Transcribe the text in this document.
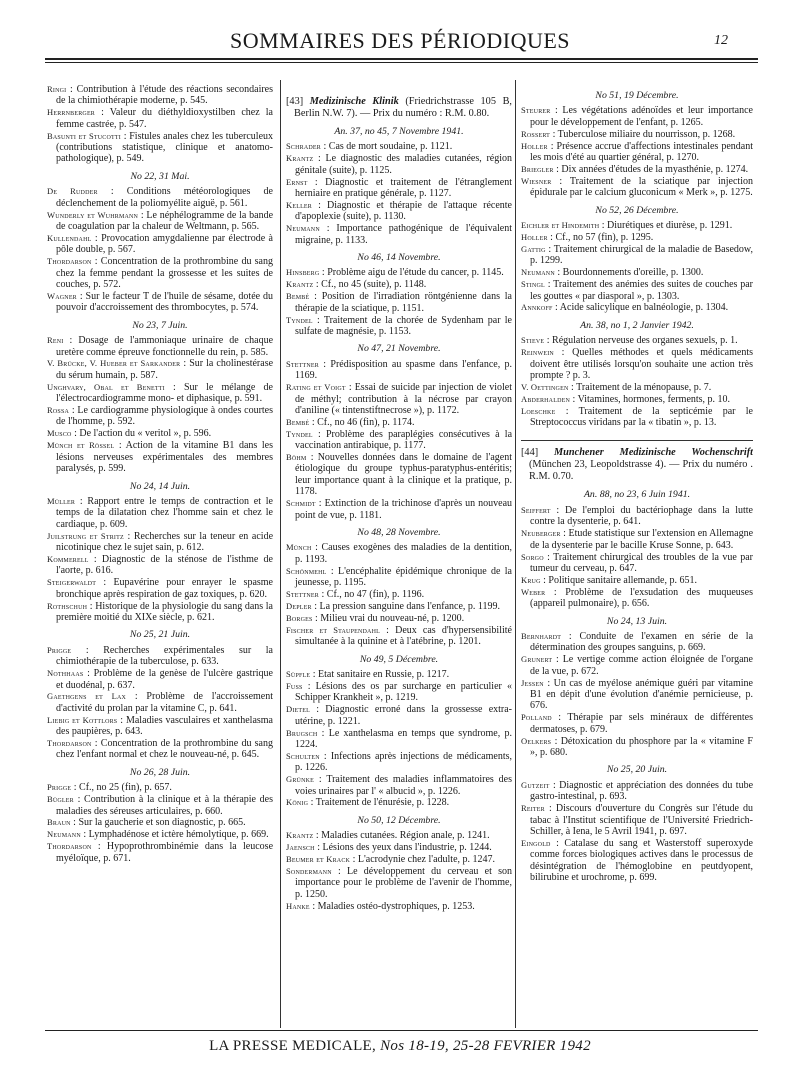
SOMMAIRES DES PÉRIODIQUES	12
Ringi : Contribution à l'étude des réactions secondaires de la chimiothérapie moderne, p. 545.
Herrnberger : Valeur du diéthyldioxystilben chez la femme castrée, p. 547.
Basunti et Stucotti : Fistules anales chez les tuberculeux (contributions statistique, clinique et anatomo-pathologique), p. 549.
No 22, 31 Mai.
De Rudder : Conditions météorologiques de déclenchement de la poliomyélite aiguë, p. 561.
Wunderly et Wuhrmann : Le néphélogramme de la bande de coagulation par la chaleur de Weltmann, p. 565.
Kullendahl : Provocation amygdalienne par électrode à pôle double, p. 567.
Thordarson : Concentration de la prothrombine du sang chez la femme pendant la grossesse et les suites de couches, p. 572.
Wagner : Sur le facteur T de l'huile de sésame, dotée du pouvoir d'accroissement des thrombocytes, p. 574.
No 23, 7 Juin.
Reni : Dosage de l'ammoniaque urinaire de chaque uretère comme épreuve fonctionnelle du rein, p. 585.
V. Brücke, V. Hueber et Sarkander : Sur la cholinestérase du sérum humain, p. 587.
Unghvary, Obal et Benetti : Sur le mélange de l'électrocardiogramme mono- et diphasique, p. 591.
Rossa : Le cardiogramme physiologique à ondes courtes de l'homme, p. 592.
Musco : De l'action du « veritol », p. 596.
Münch et Rössel : Action de la vitamine B1 dans les lésions nerveuses expérimentales des membres paralysés, p. 599.
No 24, 14 Juin.
Müller : Rapport entre le temps de contraction et le temps de la dilatation chez l'homme sain et chez le cardiaque, p. 609.
Juilstrung et Stritz : Recherches sur la teneur en acide nicotinique chez le sujet sain, p. 612.
Kommerell : Diagnostic de la sténose de l'isthme de l'aorte, p. 616.
Steigerwaldt : Eupavérine pour enrayer le spasme bronchique après respiration de gaz toxiques, p. 620.
Rothschuh : Historique de la physiologie du sang dans la première moitié du XIXe siècle, p. 621.
No 25, 21 Juin.
Prigge : Recherches expérimentales sur la chimiothérapie de la tuberculose, p. 633.
Nothhaas : Problème de la genèse de l'ulcère gastrique et duodénal, p. 637.
Gaethgens et Lax : Problème de l'accroissement d'activité du prolan par la vitamine C, p. 641.
Liebig et Kottlors : Maladies vasculaires et xanthelasma des paupières, p. 643.
Thordarson : Concentration de la prothrombine du sang chez l'enfant normal et chez le nouveau-né, p. 645.
No 26, 28 Juin.
Prigge : Cf., no 25 (fin), p. 657.
Bügler : Contribution à la clinique et à la thérapie des maladies des séreuses articulaires, p. 660.
Braun : Sur la gaucherie et son diagnostic, p. 665.
Neumann : Lymphadénose et ictère hémolytique, p. 669.
Thordarson : Hypoprothrombinémie dans la leucose myéloïque, p. 671.
[43] Medizinische Klinik (Friedrichstrasse 105 B, Berlin N.W. 7). — Prix du numéro : R.M. 0.80.
An. 37, no 45, 7 Novembre 1941.
Schrader : Cas de mort soudaine, p. 1121.
Krantz : Le diagnostic des maladies cutanées, région génitale (suite), p. 1125.
Ernst : Diagnostic et traitement de l'étranglement herniaire en pratique générale, p. 1127.
Keller : Diagnostic et thérapie de l'attaque récente d'apoplexie (suite), p. 1130.
Neumann : Importance pathogénique de l'équivalent migraine, p. 1133.
No 46, 14 Novembre.
Hinsberg : Problème aigu de l'étude du cancer, p. 1145.
Krantz : Cf., no 45 (suite), p. 1148.
Bembé : Position de l'irradiation röntgénienne dans la thérapie de la sciatique, p. 1151.
Tyndel : Traitement de la chorée de Sydenham par le sulfate de magnésie, p. 1153.
No 47, 21 Novembre.
Stettner : Prédisposition au spasme dans l'enfance, p. 1169.
Rating et Voigt : Essai de suicide par injection de violet de méthyl; contribution à la nécrose par crayon d'aniline (« tintenstiftnecrose »), p. 1172.
Bembé : Cf., no 46 (fin), p. 1174.
Tyndel : Problème des paraplégies consécutives à la vaccination antirabique, p. 1177.
Böhm : Nouvelles données dans le domaine de l'agent étiologique du groupe typhus-paratyphus-entéritis; leur importance quant à la clinique et la pratique, p. 1178.
Schmidt : Extinction de la trichinose d'après un nouveau point de vue, p. 1181.
No 48, 28 Novembre.
Münch : Causes exogènes des maladies de la dentition, p. 1193.
Schönmehl : L'encéphalite épidémique chronique de la jeunesse, p. 1195.
Stettner : Cf., no 47 (fin), p. 1196.
Depler : La pression sanguine dans l'enfance, p. 1199.
Borges : Milieu vrai du nouveau-né, p. 1200.
Fischer et Staupendahl : Deux cas d'hypersensibilité simultanée à la quinine et à l'atébrine, p. 1201.
No 49, 5 Décembre.
Süpfle : Etat sanitaire en Russie, p. 1217.
Fuss : Lésions des os par surcharge en particulier « Schipper Krankheit », p. 1219.
Dietel : Diagnostic erroné dans la grossesse extra-utérine, p. 1221.
Brugsch : Le xanthelasma en temps que syndrome, p. 1224.
Schulten : Infections après injections de médicaments, p. 1226.
Grünke : Traitement des maladies inflammatoires des voies urinaires par l' « albucid », p. 1226.
König : Traitement de l'énurésie, p. 1228.
No 50, 12 Décembre.
Krantz : Maladies cutanées. Région anale, p. 1241.
Jaensch : Lésions des yeux dans l'industrie, p. 1244.
Beumer et Krack : L'acrodynie chez l'adulte, p. 1247.
Sondermann : Le développement du cerveau et son importance pour le problème de l'avenir de l'homme, p. 1250.
Hanke : Maladies ostéo-dystrophiques, p. 1253.
No 51, 19 Décembre.
Steurer : Les végétations adénoïdes et leur importance pour le développement de l'enfant, p. 1265.
Rossert : Tuberculose miliaire du nourrisson, p. 1268.
Holler : Présence accrue d'affections intestinales pendant les mois d'été au quartier général, p. 1270.
Briegler : Dix années d'études de la myasthénie, p. 1274.
Wiesner : Traitement de la sciatique par injection épidurale par le calcium gluconicum « Merk », p. 1275.
No 52, 26 Décembre.
Eichler et Hindemith : Diurétiques et diurèse, p. 1291.
Holler : Cf., no 57 (fin), p. 1295.
Gattig : Traitement chirurgical de la maladie de Basedow, p. 1299.
Neumann : Bourdonnements d'oreille, p. 1300.
Stingl : Traitement des anémies des suites de couches par les gouttes « par diasporal », p. 1303.
Annkoff : Acide salicylique en balnéologie, p. 1304.
An. 38, no 1, 2 Janvier 1942.
Stieve : Régulation nerveuse des organes sexuels, p. 1.
Reinwein : Quelles méthodes et quels médicaments doivent être utilisés lorsqu'on souhaite une action très prompte ? p. 3.
V. Oettingen : Traitement de la ménopause, p. 7.
Abderhalden : Vitamines, hormones, ferments, p. 10.
Loeschke : Traitement de la septicémie par le Streptococcus viridans par la « tibatin », p. 13.
[44] Munchener Medizinische Wochenschrift (München 23, Leopoldstrasse 4). — Prix du numéro . R.M. 0.70.
An. 88, no 23, 6 Juin 1941.
Seiffert : De l'emploi du bactériophage dans la lutte contre la dysenterie, p. 641.
Neuberger : Etude statistique sur l'extension en Allemagne de la dysenterie par le bacille Kruse Sonne, p. 643.
Sorgo : Traitement chirurgical des troubles de la vue par tumeur du cerveau, p. 647.
Krug : Politique sanitaire allemande, p. 651.
Weber : Problème de l'exsudation des muqueuses (appareil pulmonaire), p. 656.
No 24, 13 Juin.
Bernhardt : Conduite de l'examen en série de la détermination des groupes sanguins, p. 669.
Grunert : Le vertige comme action éloignée de l'organe de la vue, p. 672.
Jessen : Un cas de myélose anémique guéri par vitamine B1 en dépit d'une évolution d'anémie pernicieuse, p. 676.
Polland : Thérapie par sels minéraux de différentes dermatoses, p. 679.
Oelkers : Détoxication du phosphore par la « vitamine F », p. 680.
No 25, 20 Juin.
Gutzeit : Diagnostic et appréciation des données du tube gastro-intestinal, p. 693.
Reiter : Discours d'ouverture du Congrès sur l'étude du tabac à l'Institut scientifique de l'Université Friedrich-Schiller, à Iena, le 5 Avril 1941, p. 697.
Eingold : Catalase du sang et Wasterstoff superoxyde comme forces biologiques actives dans le processus de désintégration de l'hémoglobine en peutdyopent, bilirubine et urochrome, p. 699.
LA PRESSE MEDICALE, Nos 18-19, 25-28 FEVRIER 1942
